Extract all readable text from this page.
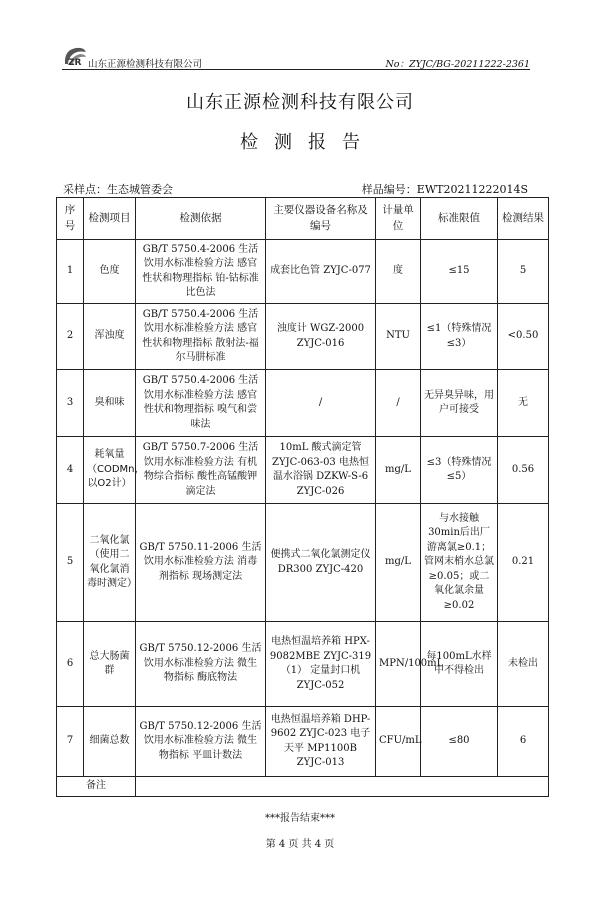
ZR 山东正源检测科技有限公司	No：ZYJC/BG-20211222-2361
山东正源检测科技有限公司
检测报告
采样点：生态城管委会	样品编号：EWT20211222014S
序号	检测项目	检测依据	主要仪器设备名称及编号	计量单位	标准限值	检测结果
1	色度	GB/T 5750.4-2006 生活饮用水标准检验方法 感官性状和物理指标 铂-钴标准比色法	成套比色管 ZYJC-077	度	≤15	5
2	浑浊度	GB/T 5750.4-2006 生活饮用水标准检验方法 感官性状和物理指标 散射法-福尔马肼标准	浊度计 WGZ-2000 ZYJC-016	NTU	≤1（特殊情况≤3）	<0.50
3	臭和味	GB/T 5750.4-2006 生活饮用水标准检验方法 感官性状和物理指标 嗅气和尝味法	/	/	无异臭异味，用户可接受	无
4	耗氧量（CODMn，以O2计）	GB/T 5750.7-2006 生活饮用水标准检验方法 有机物综合指标 酸性高锰酸钾滴定法	10mL 酸式滴定管 ZYJC-063-03 电热恒温水浴锅 DZKW-S-6 ZYJC-026	mg/L	≤3（特殊情况≤5）	0.56
5	二氧化氯（使用二氧化氯消毒时测定）	GB/T 5750.11-2006 生活饮用水标准检验方法 消毒剂指标 现场测定法	便携式二氧化氯测定仪 DR300 ZYJC-420	mg/L	与水接触30min后出厂游离氯≥0.1；管网末梢水总氯≥0.05；或二氧化氯余量≥0.02	0.21
6	总大肠菌群	GB/T 5750.12-2006 生活饮用水标准检验方法 微生物指标 酶底物法	电热恒温培养箱 HPX-9082MBE ZYJC-319（1） 定量封口机 ZYJC-052	MPN/100mL	每100mL水样中不得检出	未检出
7	细菌总数	GB/T 5750.12-2006 生活饮用水标准检验方法 微生物指标 平皿计数法	电热恒温培养箱 DHP-9602 ZYJC-023 电子天平 MP1100B ZYJC-013	CFU/mL	≤80	6
备注						
***报告结束***
第 4 页 共 4 页
